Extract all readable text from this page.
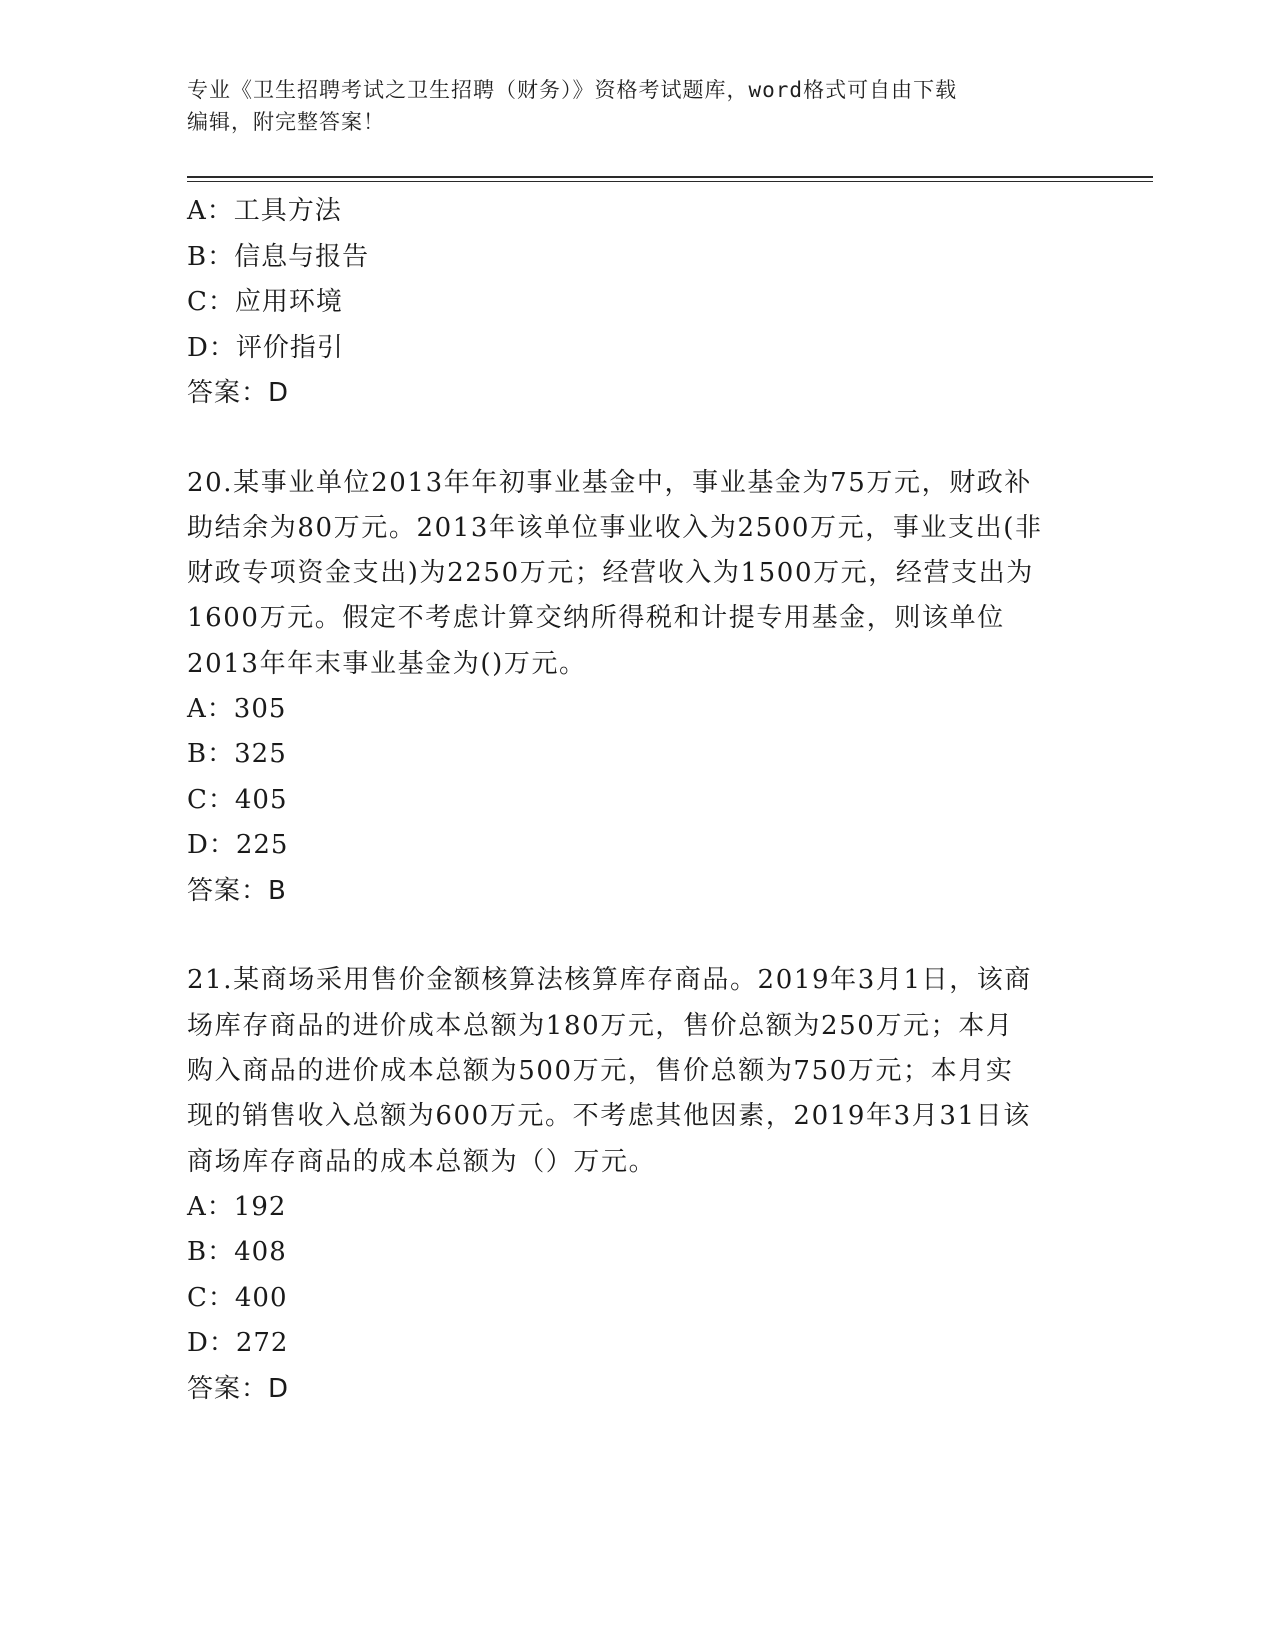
专业《卫生招聘考试之卫生招聘（财务）》资格考试题库，word格式可自由下载
编辑，附完整答案！
A：工具方法
B：信息与报告
C：应用环境
D：评价指引
答案：D
20.某事业单位2013年年初事业基金中，事业基金为75万元，财政补
助结余为80万元。2013年该单位事业收入为2500万元，事业支出(非
财政专项资金支出)为2250万元；经营收入为1500万元，经营支出为
1600万元。假定不考虑计算交纳所得税和计提专用基金，则该单位
2013年年末事业基金为()万元。
A：305
B：325
C：405
D：225
答案：B
21.某商场采用售价金额核算法核算库存商品。2019年3月1日，该商
场库存商品的进价成本总额为180万元，售价总额为250万元；本月
购入商品的进价成本总额为500万元，售价总额为750万元；本月实
现的销售收入总额为600万元。不考虑其他因素，2019年3月31日该
商场库存商品的成本总额为（）万元。
A：192
B：408
C：400
D：272
答案：D
